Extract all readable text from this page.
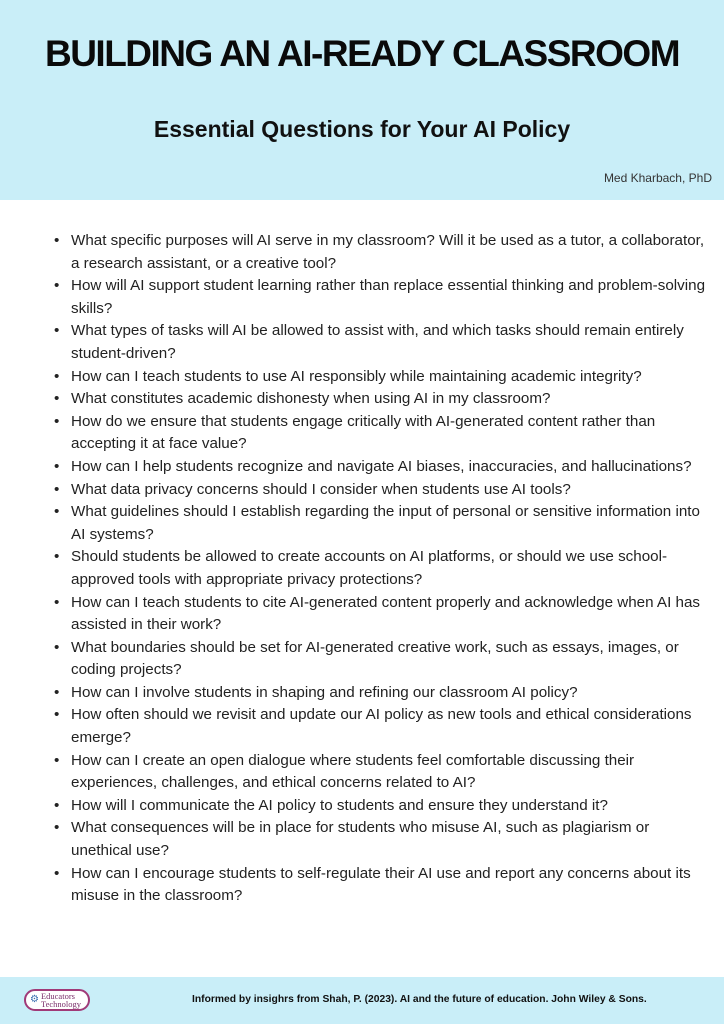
BUILDING AN AI-READY CLASSROOM
Essential Questions for Your AI Policy
Med Kharbach, PhD
• What specific purposes will AI serve in my classroom? Will it be used as a tutor, a collaborator, a research assistant, or a creative tool?
• How will AI support student learning rather than replace essential thinking and problem-solving skills?
• What types of tasks will AI be allowed to assist with, and which tasks should remain entirely student-driven?
• How can I teach students to use AI responsibly while maintaining academic integrity?
• What constitutes academic dishonesty when using AI in my classroom?
• How do we ensure that students engage critically with AI-generated content rather than accepting it at face value?
• How can I help students recognize and navigate AI biases, inaccuracies, and hallucinations?
• What data privacy concerns should I consider when students use AI tools?
• What guidelines should I establish regarding the input of personal or sensitive information into AI systems?
• Should students be allowed to create accounts on AI platforms, or should we use school-approved tools with appropriate privacy protections?
• How can I teach students to cite AI-generated content properly and acknowledge when AI has assisted in their work?
• What boundaries should be set for AI-generated creative work, such as essays, images, or coding projects?
• How can I involve students in shaping and refining our classroom AI policy?
• How often should we revisit and update our AI policy as new tools and ethical considerations emerge?
• How can I create an open dialogue where students feel comfortable discussing their experiences, challenges, and ethical concerns related to AI?
• How will I communicate the AI policy to students and ensure they understand it?
• What consequences will be in place for students who misuse AI, such as plagiarism or unethical use?
• How can I encourage students to self-regulate their AI use and report any concerns about its misuse in the classroom?
⚙ Educators
Technology	Informed by insighrs from Shah, P. (2023). AI and the future of education. John Wiley & Sons.
